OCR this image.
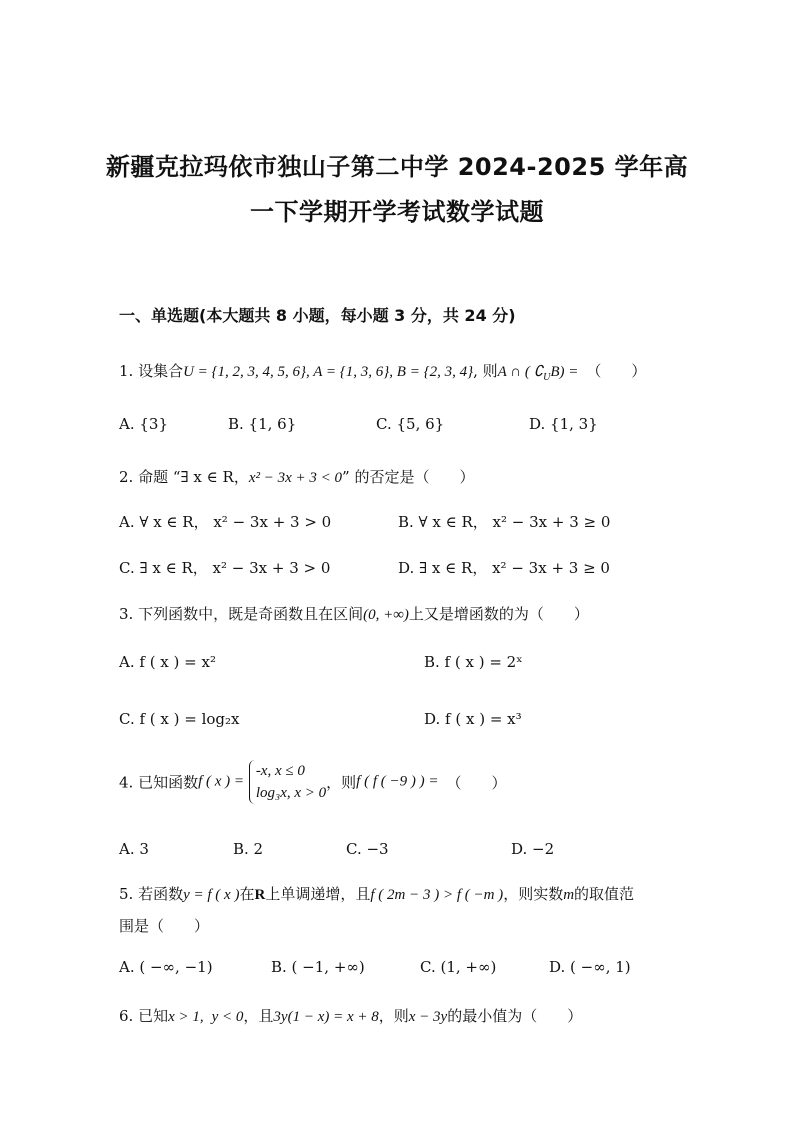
新疆克拉玛依市独山子第二中学 2024-2025 学年高
一下学期开学考试数学试题
一、单选题(本大题共 8 小题，每小题 3 分，共 24 分)
1. 设集合U = {1, 2, 3, 4, 5, 6}, A = {1, 3, 6}, B = {2, 3, 4}, 则A ∩ ( $∁_UB$) = （　　）
A. {3}	B. {1, 6}	C. {5, 6}	D. {1, 3}
2. 命题 “∃ x ∈ R，x² − 3x + 3 < 0” 的否定是（　　）
A. ∀ x ∈ R， x² − 3x + 3 > 0	B. ∀ x ∈ R， x² − 3x + 3 ≥ 0
C. ∃ x ∈ R， x² − 3x + 3 > 0	D. ∃ x ∈ R， x² − 3x + 3 ≥ 0
3. 下列函数中，既是奇函数且在区间(0, +∞)上又是增函数的为（　　）
A. f ( x ) = x²	B. f ( x ) = 2ˣ
C. f ( x ) = log₂x	D. f ( x ) = x³
4. 已知函数f ( x ) =
-x, x ≤ 0
log₃x, x > 0
，则f ( f ( −9 ) ) = （　　）
A. 3	B. 2	C. −3	D. −2
5. 若函数y = f ( x )在R上单调递增，且f ( 2m − 3 ) > f ( −m )，则实数m的取值范
围是（　　）
A. ( −∞, −1)	B. ( −1, +∞)	C. (1, +∞)	D. ( −∞, 1)
6. 已知x > 1, y < 0，且3y(1 − x) = x + 8，则x − 3y的最小值为（　　）
